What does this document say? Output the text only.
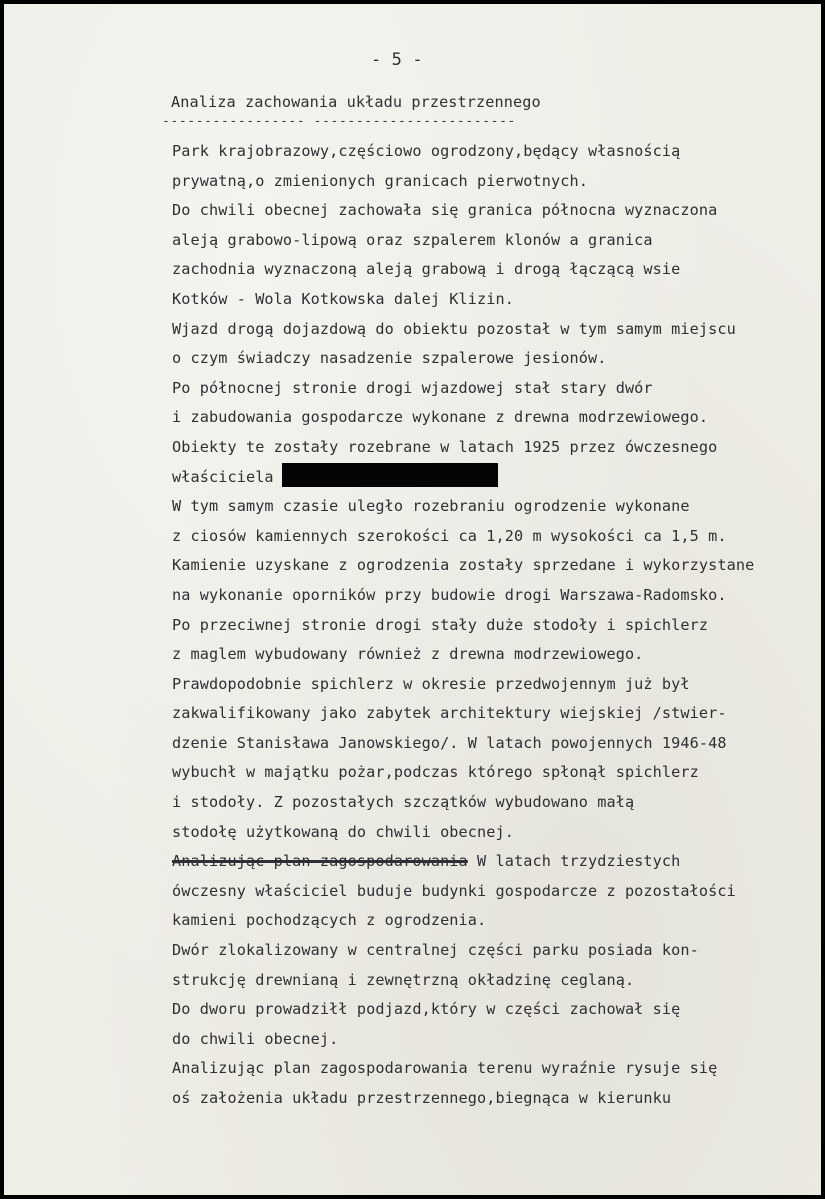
- 5 -
Analiza zachowania układu przestrzennego
----------------- ------------------------
Park krajobrazowy,częściowo ogrodzony,będący własnością
prywatną,o zmienionych granicach pierwotnych.
Do chwili obecnej zachowała się granica północna wyznaczona
aleją grabowo-lipową oraz szpalerem klonów a granica
zachodnia wyznaczoną aleją grabową i drogą łączącą wsie
Kotków - Wola Kotkowska dalej Klizin.
Wjazd drogą dojazdową do obiektu pozostał w tym samym miejscu
o czym świadczy nasadzenie szpalerowe jesionów.
Po północnej stronie drogi wjazdowej stał stary dwór
i zabudowania gospodarcze wykonane z drewna modrzewiowego.
Obiekty te zostały rozebrane w latach 1925 przez ówczesnego
właściciela
W tym samym czasie uległo rozebraniu ogrodzenie wykonane
z ciosów kamiennych szerokości ca 1,20 m wysokości ca 1,5 m.
Kamienie uzyskane z ogrodzenia zostały sprzedane i wykorzystane
na wykonanie oporników przy budowie drogi Warszawa-Radomsko.
Po przeciwnej stronie drogi stały duże stodoły i spichlerz
z maglem wybudowany również z drewna modrzewiowego.
Prawdopodobnie spichlerz w okresie przedwojennym już był
zakwalifikowany jako zabytek architektury wiejskiej /stwier-
dzenie Stanisława Janowskiego/. W latach powojennych 1946-48
wybuchł w majątku pożar,podczas którego spłonął spichlerz
i stodoły. Z pozostałych szczątków wybudowano małą
stodołę użytkowaną do chwili obecnej.
Analizując plan zagospodarowania W latach trzydziestych
ówczesny właściciel buduje budynki gospodarcze z pozostałości
kamieni pochodzących z ogrodzenia.
Dwór zlokalizowany w centralnej części parku posiada kon-
strukcję drewnianą i zewnętrzną okładzinę ceglaną.
Do dworu prowadziłł podjazd,który w części zachował się
do chwili obecnej.
Analizując plan zagospodarowania terenu wyraźnie rysuje się
oś założenia układu przestrzennego,biegnąca w kierunku
